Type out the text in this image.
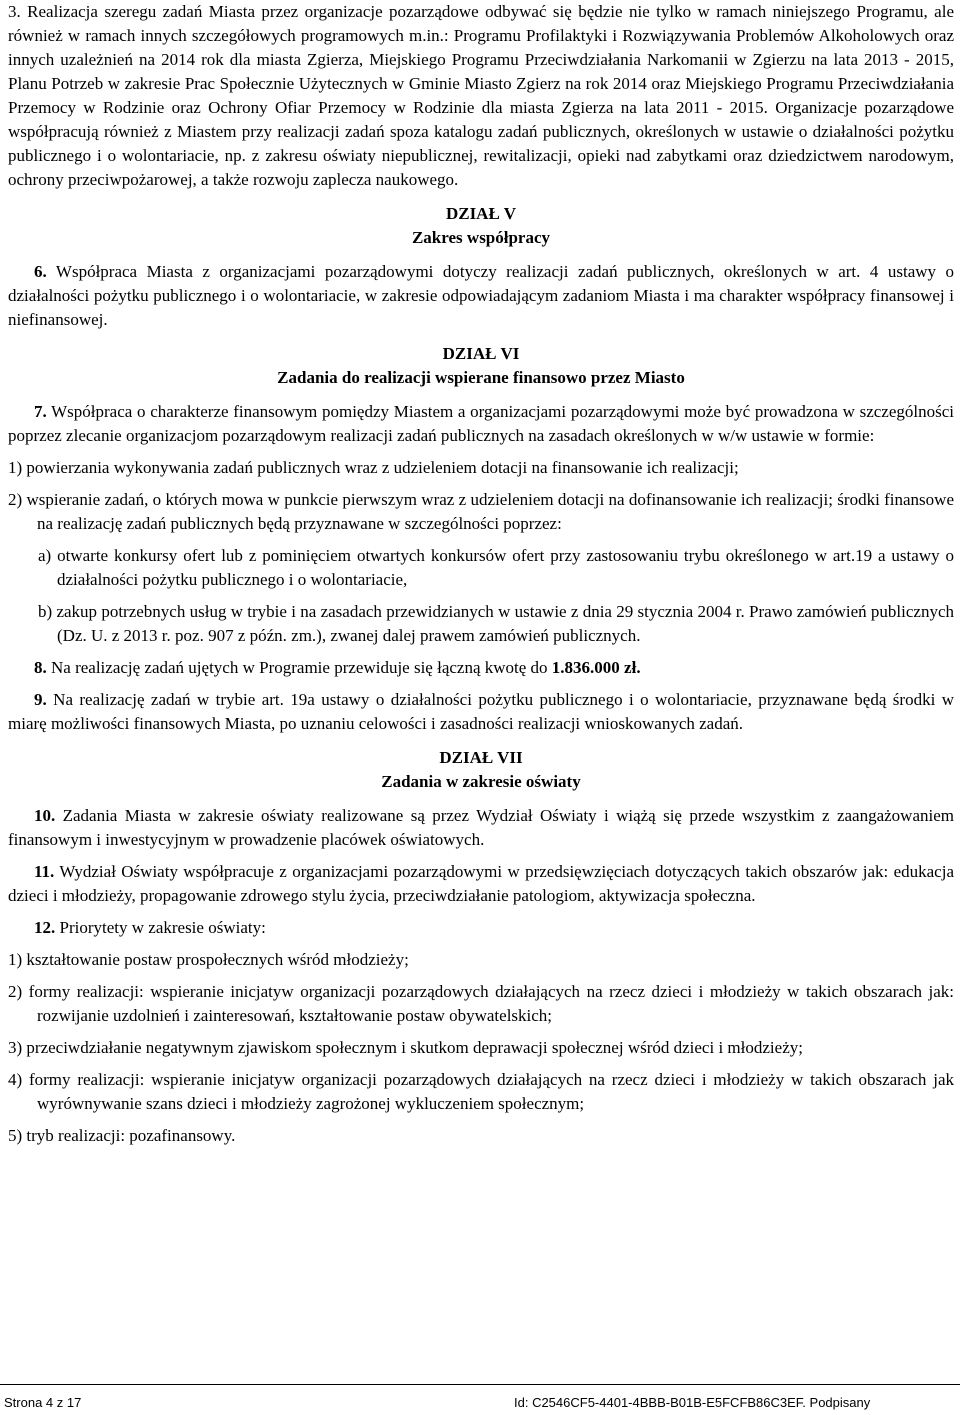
3. Realizacja szeregu zadań Miasta przez organizacje pozarządowe odbywać się będzie nie tylko w ramach niniejszego Programu, ale również w ramach innych szczegółowych programowych m.in.: Programu Profilaktyki i Rozwiązywania Problemów Alkoholowych oraz innych uzależnień na 2014 rok dla miasta Zgierza, Miejskiego Programu Przeciwdziałania Narkomanii w Zgierzu na lata 2013 - 2015, Planu Potrzeb w zakresie Prac Społecznie Użytecznych w Gminie Miasto Zgierz na rok 2014 oraz Miejskiego Programu Przeciwdziałania Przemocy w Rodzinie oraz Ochrony Ofiar Przemocy w Rodzinie dla miasta Zgierza na lata 2011 - 2015. Organizacje pozarządowe współpracują również z Miastem przy realizacji zadań spoza katalogu zadań publicznych, określonych w ustawie o działalności pożytku publicznego i o wolontariacie, np. z zakresu oświaty niepublicznej, rewitalizacji, opieki nad zabytkami oraz dziedzictwem narodowym, ochrony przeciwpożarowej, a także rozwoju zaplecza naukowego.

DZIAŁ V

Zakres współpracy

6. Współpraca Miasta z organizacjami pozarządowymi dotyczy realizacji zadań publicznych, określonych w art. 4 ustawy o działalności pożytku publicznego i o wolontariacie, w zakresie odpowiadającym zadaniom Miasta i ma charakter współpracy finansowej i niefinansowej.

DZIAŁ VI

Zadania do realizacji wspierane finansowo przez Miasto

7. Współpraca o charakterze finansowym pomiędzy Miastem a organizacjami pozarządowymi może być prowadzona w szczególności poprzez zlecanie organizacjom pozarządowym realizacji zadań publicznych na zasadach określonych w w/w ustawie w formie:

1) powierzania wykonywania zadań publicznych wraz z udzieleniem dotacji na finansowanie ich realizacji;

2) wspieranie zadań, o których mowa w punkcie pierwszym wraz z udzieleniem dotacji na dofinansowanie ich realizacji; środki finansowe na realizację zadań publicznych będą przyznawane w szczególności poprzez:

a) otwarte konkursy ofert lub z pominięciem otwartych konkursów ofert przy zastosowaniu trybu określonego w art.19 a ustawy o działalności pożytku publicznego i o wolontariacie,

b) zakup potrzebnych usług w trybie i na zasadach przewidzianych w ustawie z dnia 29 stycznia 2004 r. Prawo zamówień publicznych (Dz. U. z 2013 r. poz. 907 z późn. zm.), zwanej dalej prawem zamówień publicznych.

8. Na realizację zadań ujętych w Programie przewiduje się łączną kwotę do 1.836.000 zł.

9. Na realizację zadań w trybie art. 19a ustawy o działalności pożytku publicznego i o wolontariacie, przyznawane będą środki w miarę możliwości finansowych Miasta, po uznaniu celowości i zasadności realizacji wnioskowanych zadań.

DZIAŁ VII

Zadania w zakresie oświaty

10. Zadania Miasta w zakresie oświaty realizowane są przez Wydział Oświaty i wiążą się przede wszystkim z zaangażowaniem finansowym i inwestycyjnym w prowadzenie placówek oświatowych.

11. Wydział Oświaty współpracuje z organizacjami pozarządowymi w przedsięwzięciach dotyczących takich obszarów jak: edukacja dzieci i młodzieży, propagowanie zdrowego stylu życia, przeciwdziałanie patologiom, aktywizacja społeczna.

12. Priorytety w zakresie oświaty:

1) kształtowanie postaw prospołecznych wśród młodzieży;

2) formy realizacji: wspieranie inicjatyw organizacji pozarządowych działających na rzecz dzieci i młodzieży w takich obszarach jak: rozwijanie uzdolnień i zainteresowań, kształtowanie postaw obywatelskich;

3) przeciwdziałanie negatywnym zjawiskom społecznym i skutkom deprawacji społecznej wśród dzieci i młodzieży;

4) formy realizacji: wspieranie inicjatyw organizacji pozarządowych działających na rzecz dzieci i młodzieży w takich obszarach jak wyrównywanie szans dzieci i młodzieży zagrożonej wykluczeniem społecznym;

5) tryb realizacji: pozafinansowy.

Strona 4 z 17	Id: C2546CF5-4401-4BBB-B01B-E5FCFB86C3EF. Podpisany
